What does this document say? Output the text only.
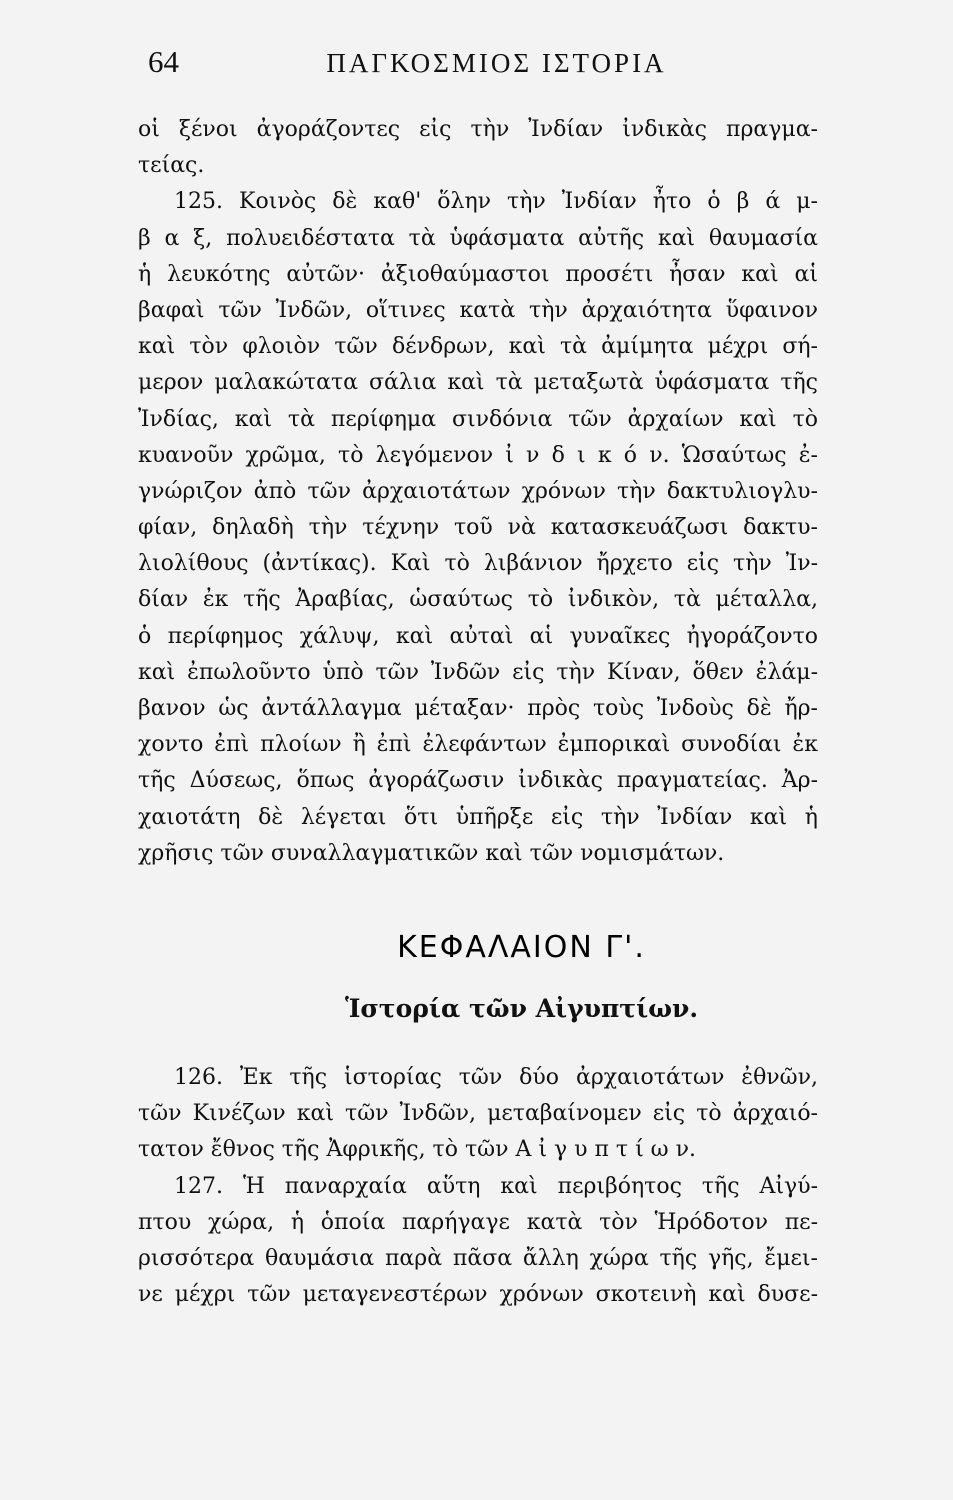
64	ΠΑΓΚΟΣΜΙΟΣ ΙΣΤΟΡΙΑ
οἱ ξένοι ἀγοράζοντες εἰς τὴν Ἰνδίαν ἰνδικὰς πραγμα-
τείας.
125. Κοινὸς δὲ καθ' ὅλην τὴν Ἰνδίαν ἦτο ὁ β ά μ-
β α ξ, πολυειδέστατα τὰ ὑφάσματα αὐτῆς καὶ θαυμασία
ἡ λευκότης αὐτῶν· ἀξιοθαύμαστοι προσέτι ἦσαν καὶ αἱ
βαφαὶ τῶν Ἰνδῶν, οἵτινες κατὰ τὴν ἀρχαιότητα ὕφαινον
καὶ τὸν φλοιὸν τῶν δένδρων, καὶ τὰ ἀμίμητα μέχρι σή-
μερον μαλακώτατα σάλια καὶ τὰ μεταξωτὰ ὑφάσματα τῆς
Ἰνδίας, καὶ τὰ περίφημα σινδόνια τῶν ἀρχαίων καὶ τὸ
κυανοῦν χρῶμα, τὸ λεγόμενον ἰ ν δ ι κ ό ν. Ὡσαύτως ἐ-
γνώριζον ἀπὸ τῶν ἀρχαιοτάτων χρόνων τὴν δακτυλιογλυ-
φίαν, δηλαδὴ τὴν τέχνην τοῦ νὰ κατασκευάζωσι δακτυ-
λιολίθους (ἀντίκας). Καὶ τὸ λιβάνιον ἤρχετο εἰς τὴν Ἰν-
δίαν ἐκ τῆς Ἀραβίας, ὡσαύτως τὸ ἰνδικὸν, τὰ μέταλλα,
ὁ περίφημος χάλυψ, καὶ αὐταὶ αἱ γυναῖκες ἠγοράζοντο
καὶ ἐπωλοῦντο ὑπὸ τῶν Ἰνδῶν εἰς τὴν Κίναν, ὅθεν ἐλάμ-
βανον ὡς ἀντάλλαγμα μέταξαν· πρὸς τοὺς Ἰνδοὺς δὲ ἤρ-
χοντο ἐπὶ πλοίων ἢ ἐπὶ ἐλεφάντων ἐμπορικαὶ συνοδίαι ἐκ
τῆς Δύσεως, ὅπως ἀγοράζωσιν ἰνδικὰς πραγματείας. Ἀρ-
χαιοτάτη δὲ λέγεται ὅτι ὑπῆρξε εἰς τὴν Ἰνδίαν καὶ ἡ
χρῆσις τῶν συναλλαγματικῶν καὶ τῶν νομισμάτων.
ΚΕΦΑΛΑΙΟΝ Γ'.
Ἱστορία τῶν Αἰγυπτίων.
126. Ἐκ τῆς ἱστορίας τῶν δύο ἀρχαιοτάτων ἐθνῶν,
τῶν Κινέζων καὶ τῶν Ἰνδῶν, μεταβαίνομεν εἰς τὸ ἀρχαιό-
τατον ἔθνος τῆς Ἀφρικῆς, τὸ τῶν Α ἰ γ υ π τ ί ω ν.
127. Ἡ παναρχαία αὕτη καὶ περιβόητος τῆς Αἰγύ-
πτου χώρα, ἡ ὁποία παρήγαγε κατὰ τὸν Ἡρόδοτον πε-
ρισσότερα θαυμάσια παρὰ πᾶσα ἄλλη χώρα τῆς γῆς, ἔμει-
νε μέχρι τῶν μεταγενεστέρων χρόνων σκοτεινὴ καὶ δυσε-
